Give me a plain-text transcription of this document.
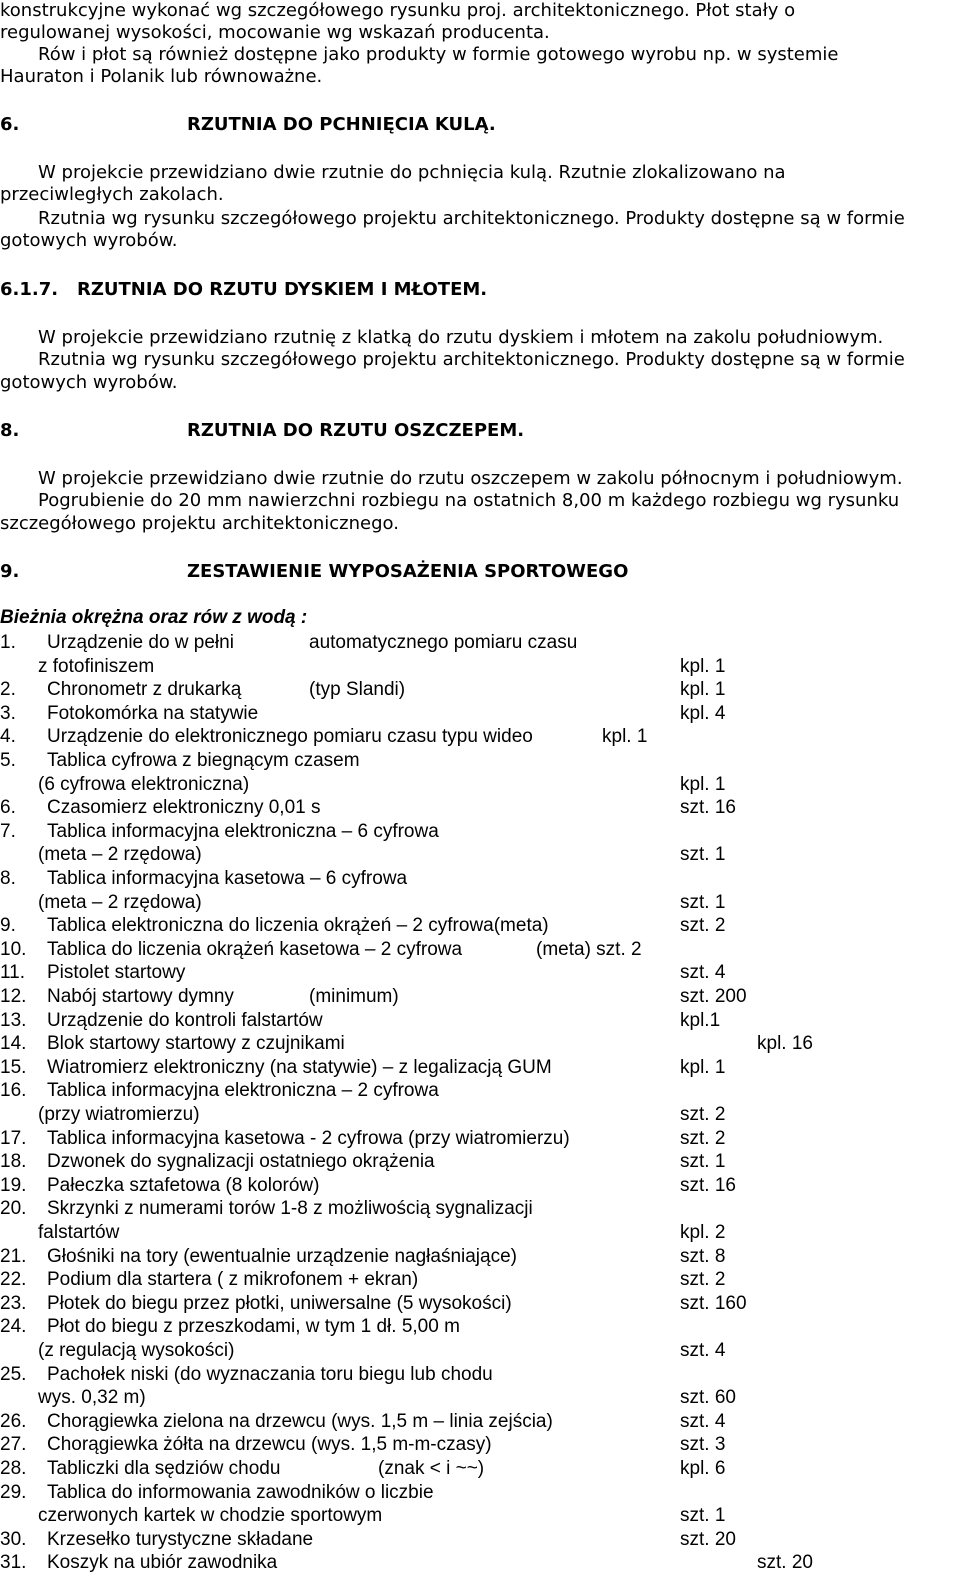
konstrukcyjne wykonać wg szczegółowego rysunku proj. architektonicznego. Płot stały o
regulowanej wysokości, mocowanie wg wskazań producenta.
Rów i płot są również dostępne jako produkty w formie gotowego wyrobu np. w systemie
Hauraton i Polanik lub równoważne.
6.	RZUTNIA DO PCHNIĘCIA KULĄ.
W projekcie przewidziano dwie rzutnie do pchnięcia kulą. Rzutnie zlokalizowano na
przeciwległych zakolach.
Rzutnia wg rysunku szczegółowego projektu architektonicznego. Produkty dostępne są w formie
gotowych wyrobów.
6.1.7. RZUTNIA DO RZUTU DYSKIEM I MŁOTEM.
W projekcie przewidziano rzutnię z klatką do rzutu dyskiem i młotem na zakolu południowym.
Rzutnia wg rysunku szczegółowego projektu architektonicznego. Produkty dostępne są w formie
gotowych wyrobów.
8.	RZUTNIA DO RZUTU OSZCZEPEM.
W projekcie przewidziano dwie rzutnie do rzutu oszczepem w zakolu północnym i południowym.
Pogrubienie do 20 mm nawierzchni rozbiegu na ostatnich 8,00 m każdego rozbiegu wg rysunku
szczegółowego projektu architektonicznego.
9.	ZESTAWIENIE WYPOSAŻENIA SPORTOWEGO
Bieżnia okrężna oraz rów z wodą :
1. Urządzenie do w pełni	automatycznego pomiaru czasu
z fotofiniszem	kpl. 1
2. Chronometr z drukarką	(typ Slandi)	kpl. 1
3. Fotokomórka na statywie	kpl. 4
4. Urządzenie do elektronicznego pomiaru czasu typu wideo	kpl. 1
5. Tablica cyfrowa z biegnącym czasem
(6 cyfrowa elektroniczna)	kpl. 1
6. Czasomierz elektroniczny 0,01 s	szt. 16
7. Tablica informacyjna elektroniczna – 6 cyfrowa
(meta – 2 rzędowa)	szt. 1
8. Tablica informacyjna kasetowa – 6 cyfrowa
(meta – 2 rzędowa)	szt. 1
9. Tablica elektroniczna do liczenia okrążeń – 2 cyfrowa(meta)	szt. 2
10. Tablica do liczenia okrążeń kasetowa – 2 cyfrowa	(meta) szt. 2
11. Pistolet startowy	szt. 4
12. Nabój startowy dymny	(minimum)	szt. 200
13. Urządzenie do kontroli falstartów	kpl.1
14. Blok startowy startowy z czujnikami	kpl. 16
15. Wiatromierz elektroniczny (na statywie) – z legalizacją GUM	kpl. 1
16. Tablica informacyjna elektroniczna – 2 cyfrowa
(przy wiatromierzu)	szt. 2
17. Tablica informacyjna kasetowa - 2 cyfrowa (przy wiatromierzu)	szt. 2
18. Dzwonek do sygnalizacji ostatniego okrążenia	szt. 1
19. Pałeczka sztafetowa (8 kolorów)	szt. 16
20. Skrzynki z numerami torów 1-8 z możliwością sygnalizacji
falstartów	kpl. 2
21. Głośniki na tory (ewentualnie urządzenie nagłaśniające)	szt. 8
22. Podium dla startera ( z mikrofonem + ekran)	szt. 2
23. Płotek do biegu przez płotki, uniwersalne (5 wysokości)	szt. 160
24. Płot do biegu z przeszkodami, w tym 1 dł. 5,00 m
(z regulacją wysokości)	szt. 4
25. Pachołek niski (do wyznaczania toru biegu lub chodu
wys. 0,32 m)	szt. 60
26. Chorągiewka zielona na drzewcu (wys. 1,5 m – linia zejścia)	szt. 4
27. Chorągiewka żółta na drzewcu (wys. 1,5 m-m-czasy)	szt. 3
28. Tabliczki dla sędziów chodu	(znak < i ~~)	kpl. 6
29. Tablica do informowania zawodników o liczbie
czerwonych kartek w chodzie sportowym	szt. 1
30. Krzesełko turystyczne składane	szt. 20
31. Koszyk na ubiór zawodnika	szt. 20
